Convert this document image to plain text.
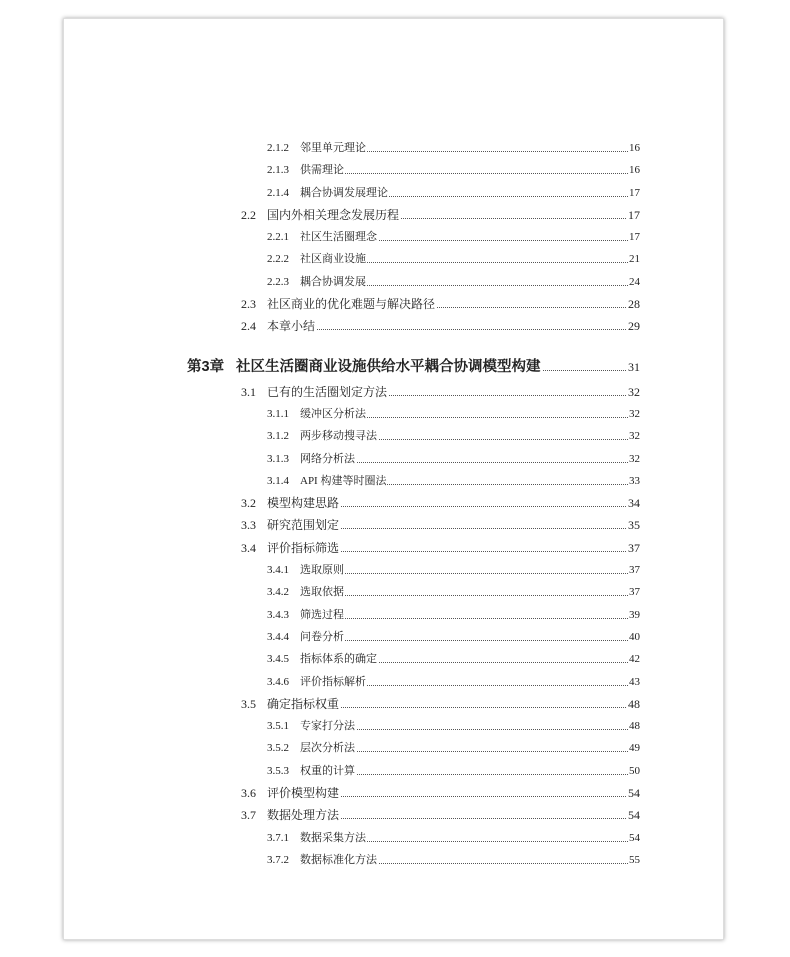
2.1.2 邻里单元理论	16
2.1.3 供需理论	16
2.1.4 耦合协调发展理论	17
2.2 国内外相关理念发展历程	17
2.2.1 社区生活圈理念	17
2.2.2 社区商业设施	21
2.2.3 耦合协调发展	24
2.3 社区商业的优化难题与解决路径	28
2.4 本章小结	29
第3章 社区生活圈商业设施供给水平耦合协调模型构建	31
3.1 已有的生活圈划定方法	32
3.1.1 缓冲区分析法	32
3.1.2 两步移动搜寻法	32
3.1.3 网络分析法	32
3.1.4 API 构建等时圈法	33
3.2 模型构建思路	34
3.3 研究范围划定	35
3.4 评价指标筛选	37
3.4.1 选取原则	37
3.4.2 选取依据	37
3.4.3 筛选过程	39
3.4.4 问卷分析	40
3.4.5 指标体系的确定	42
3.4.6 评价指标解析	43
3.5 确定指标权重	48
3.5.1 专家打分法	48
3.5.2 层次分析法	49
3.5.3 权重的计算	50
3.6 评价模型构建	54
3.7 数据处理方法	54
3.7.1 数据采集方法	54
3.7.2 数据标准化方法	55
